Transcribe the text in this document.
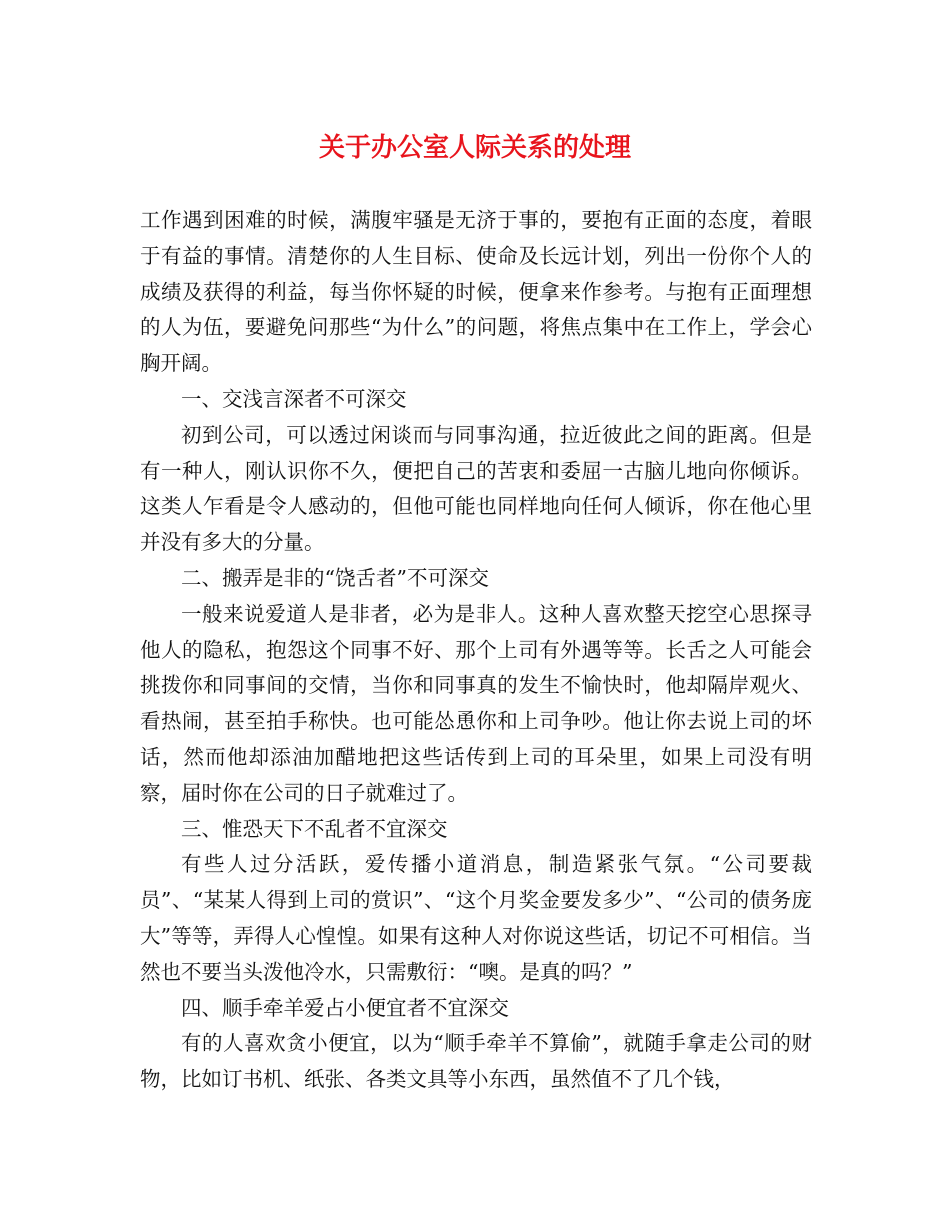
关于办公室人际关系的处理

工作遇到困难的时候，满腹牢骚是无济于事的，要抱有正面的态度，着眼于有益的事情。清楚你的人生目标、使命及长远计划，列出一份你个人的成绩及获得的利益，每当你怀疑的时候，便拿来作参考。与抱有正面理想的人为伍，要避免问那些“为什么”的问题，将焦点集中在工作上，学会心胸开阔。

一、交浅言深者不可深交

初到公司，可以透过闲谈而与同事沟通，拉近彼此之间的距离。但是有一种人，刚认识你不久，便把自己的苦衷和委屈一古脑儿地向你倾诉。这类人乍看是令人感动的，但他可能也同样地向任何人倾诉，你在他心里并没有多大的分量。

二、搬弄是非的“饶舌者”不可深交

一般来说爱道人是非者，必为是非人。这种人喜欢整天挖空心思探寻他人的隐私，抱怨这个同事不好、那个上司有外遇等等。长舌之人可能会挑拨你和同事间的交情，当你和同事真的发生不愉快时，他却隔岸观火、看热闹，甚至拍手称快。也可能怂恿你和上司争吵。他让你去说上司的坏话，然而他却添油加醋地把这些话传到上司的耳朵里，如果上司没有明察，届时你在公司的日子就难过了。

三、惟恐天下不乱者不宜深交

有些人过分活跃，爱传播小道消息，制造紧张气氛。“公司要裁员”、“某某人得到上司的赏识”、“这个月奖金要发多少”、“公司的债务庞大”等等，弄得人心惶惶。如果有这种人对你说这些话，切记不可相信。当然也不要当头泼他冷水，只需敷衍：“噢。是真的吗？”

四、顺手牵羊爱占小便宜者不宜深交

有的人喜欢贪小便宜，以为“顺手牵羊不算偷”，就随手拿走公司的财物，比如订书机、纸张、各类文具等小东西，虽然值不了几个钱，
